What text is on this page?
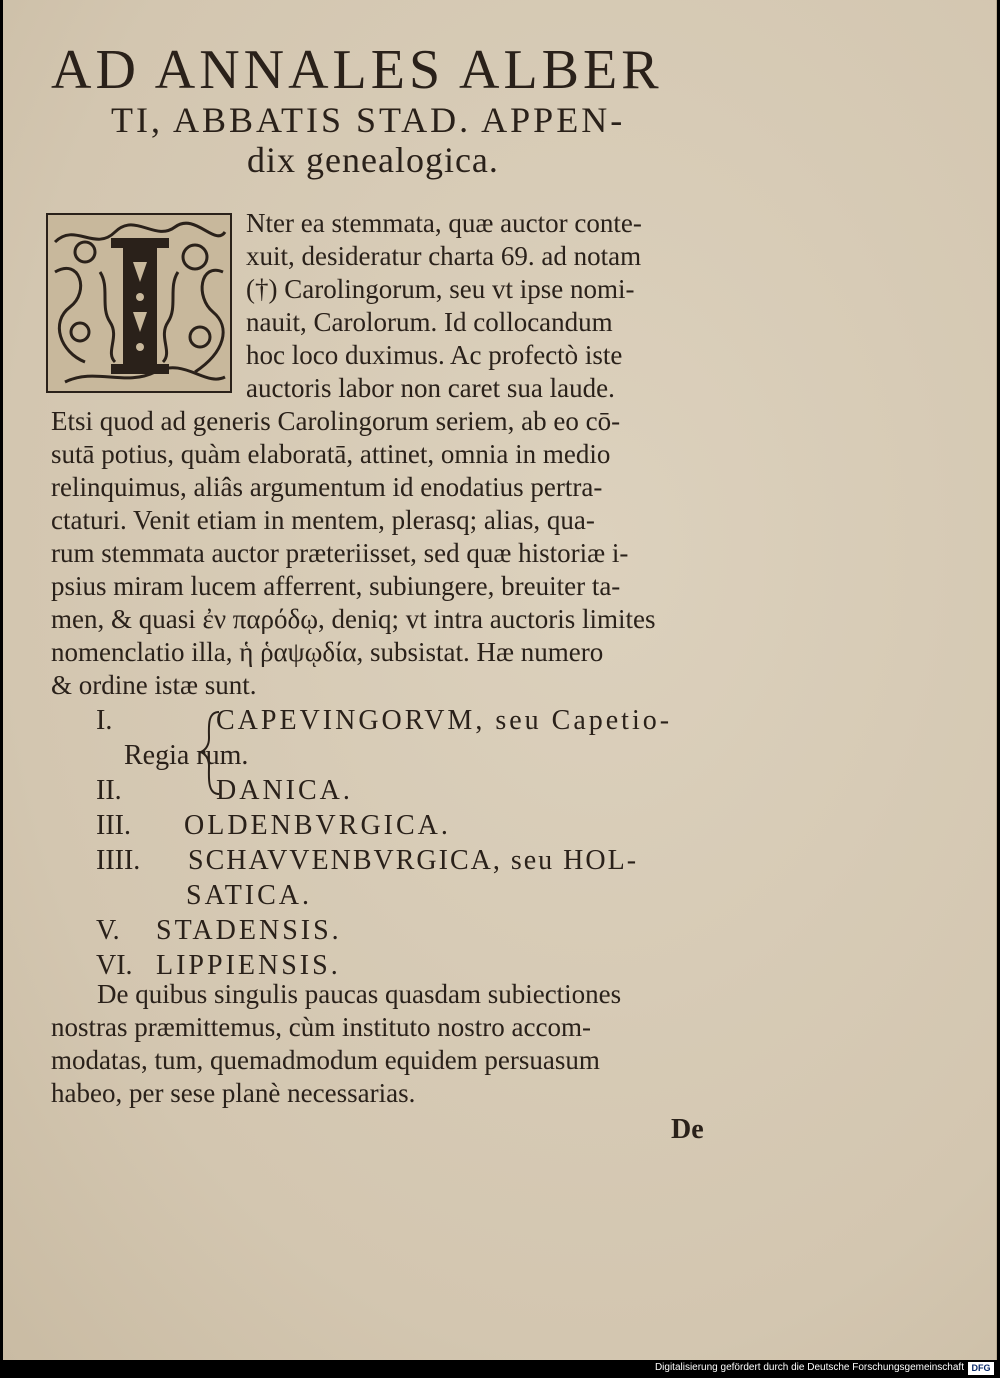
AD ANNALES ALBER
TI, ABBATIS STAD. APPEN-
dix genealogica.
Nter ea stemmata, quæ auctor conte-
xuit, desideratur charta 69. ad notam
(†) Carolingorum, seu vt ipse nomi-
nauit, Carolorum. Id collocandum
hoc loco duximus. Ac profectò iste
auctoris labor non caret sua laude.
Etsi quod ad generis Carolingorum seriem, ab eo cō-
sutā potius, quàm elaboratā, attinet, omnia in medio
relinquimus, aliâs argumentum id enodatius pertra-
ctaturi. Venit etiam in mentem, plerasq; alias, qua-
rum stemmata auctor præteriisset, sed quæ historiæ i-
psius miram lucem afferrent, subiungere, breuiter ta-
men, & quasi ἐν παρόδῳ, deniq; vt intra auctoris limites
nomenclatio illa, ἡ ῥαψῳδία, subsistat. Hæ numero
& ordine istæ sunt.
I.	CAPEVINGORVM, seu Capetio-
Regia rum.
II.	DANICA.
III. OLDENBVRGICA.
IIII. SCHAVVENBVRGICA, seu HOL-
SATICA.
V. STADENSIS.
VI. LIPPIENSIS.
De quibus singulis paucas quasdam subiectiones
nostras præmittemus, cùm instituto nostro accom-
modatas, tum, quemadmodum equidem persuasum
habeo, per sese planè necessarias.
De
Digitalisierung gefördert durch die Deutsche Forschungsgemeinschaft DFG
